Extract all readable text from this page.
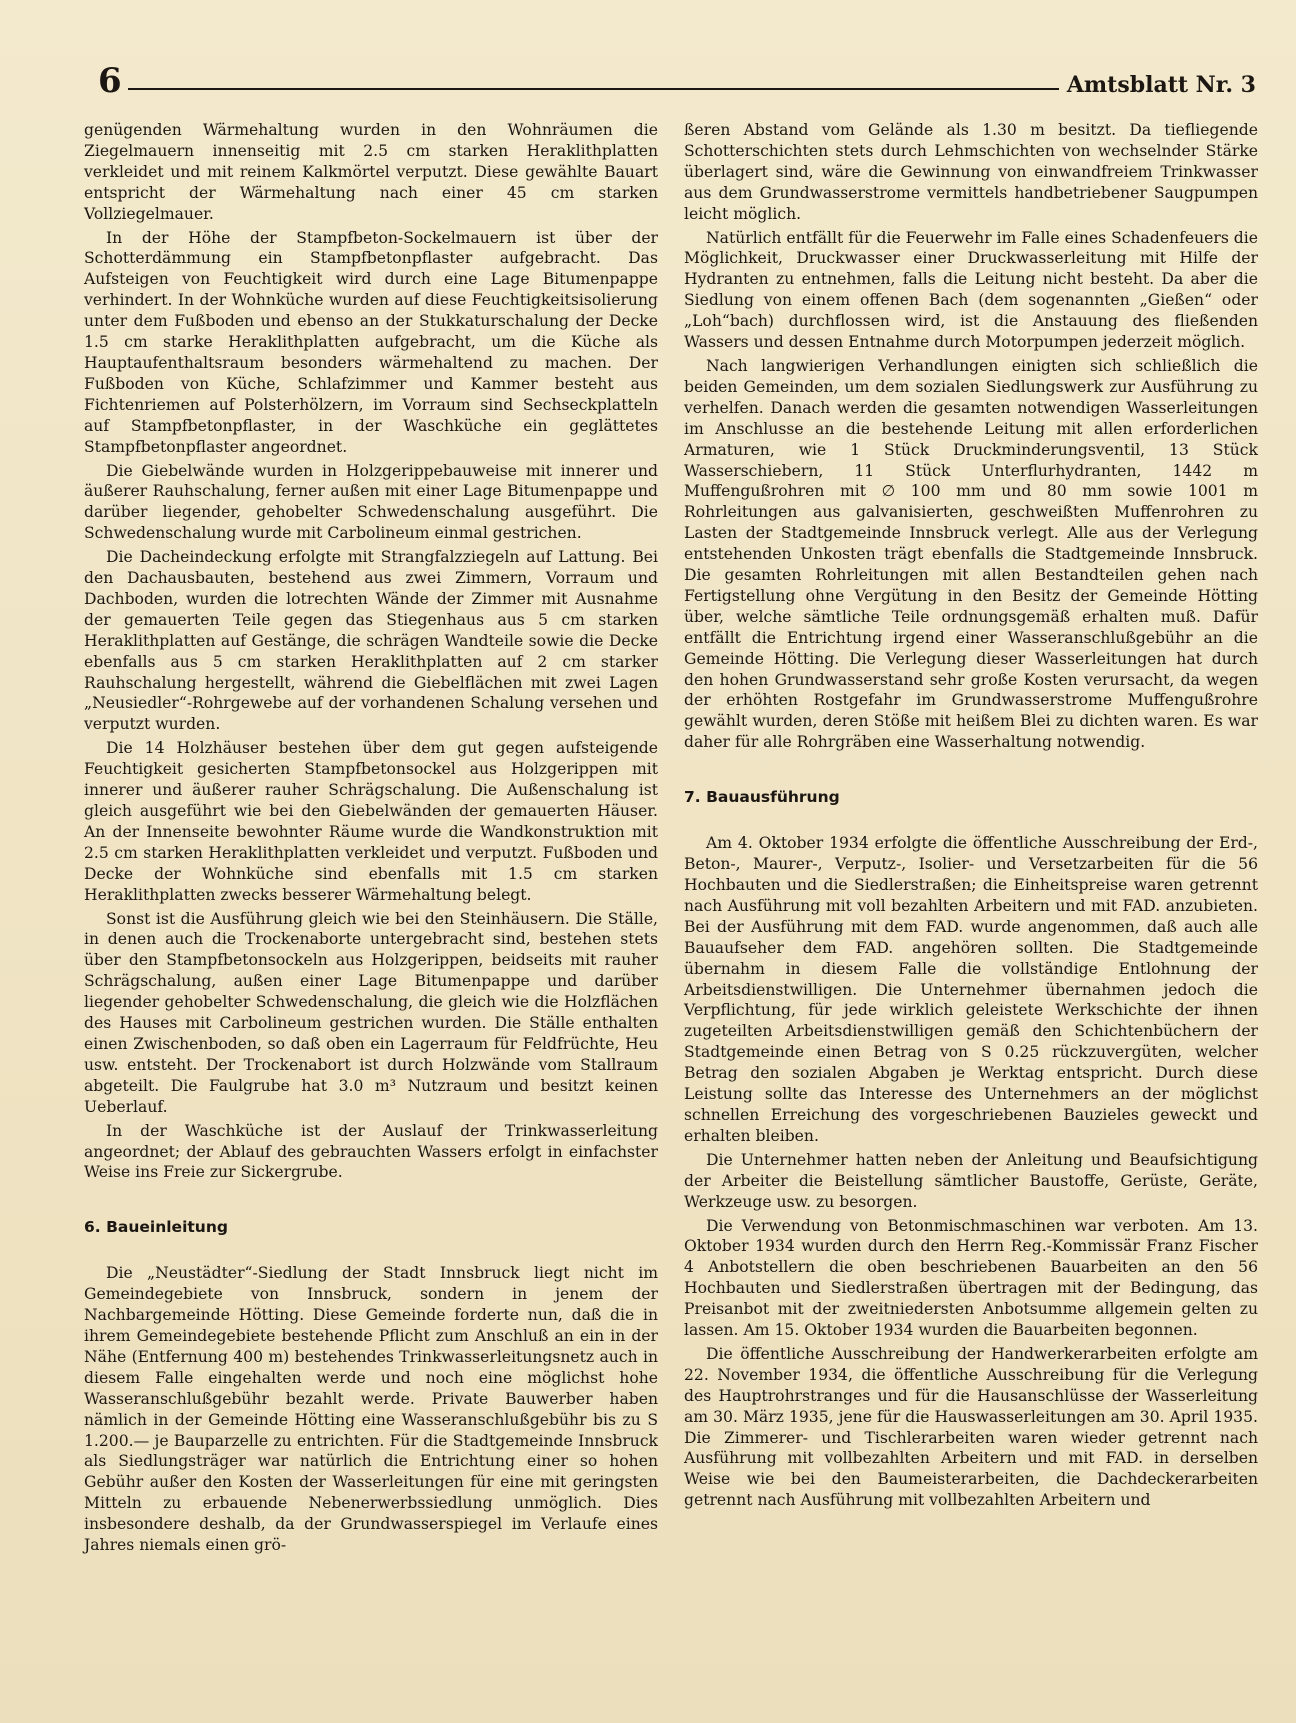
6	Amtsblatt Nr. 3

genügenden Wärmehaltung wurden in den Wohnräumen die Ziegelmauern innenseitig mit 2.5 cm starken Heraklithplatten verkleidet und mit reinem Kalkmörtel verputzt. Diese gewählte Bauart entspricht der Wärmehaltung nach einer 45 cm starken Vollziegelmauer.

In der Höhe der Stampfbeton-Sockelmauern ist über der Schotterdämmung ein Stampfbetonpflaster aufgebracht. Das Aufsteigen von Feuchtigkeit wird durch eine Lage Bitumenpappe verhindert. In der Wohnküche wurden auf diese Feuchtigkeitsisolierung unter dem Fußboden und ebenso an der Stukkaturschalung der Decke 1.5 cm starke Heraklithplatten aufgebracht, um die Küche als Hauptaufenthaltsraum besonders wärmehaltend zu machen. Der Fußboden von Küche, Schlafzimmer und Kammer besteht aus Fichtenriemen auf Polsterhölzern, im Vorraum sind Sechseckplatteln auf Stampfbetonpflaster, in der Waschküche ein geglättetes Stampfbetonpflaster angeordnet.

Die Giebelwände wurden in Holzgerippebauweise mit innerer und äußerer Rauhschalung, ferner außen mit einer Lage Bitumenpappe und darüber liegender, gehobelter Schwedenschalung ausgeführt. Die Schwedenschalung wurde mit Carbolineum einmal gestrichen.

Die Dacheindeckung erfolgte mit Strangfalzziegeln auf Lattung. Bei den Dachausbauten, bestehend aus zwei Zimmern, Vorraum und Dachboden, wurden die lotrechten Wände der Zimmer mit Ausnahme der gemauerten Teile gegen das Stiegenhaus aus 5 cm starken Heraklithplatten auf Gestänge, die schrägen Wandteile sowie die Decke ebenfalls aus 5 cm starken Heraklithplatten auf 2 cm starker Rauhschalung hergestellt, während die Giebelflächen mit zwei Lagen „Neusiedler“-Rohrgewebe auf der vorhandenen Schalung versehen und verputzt wurden.

Die 14 Holzhäuser bestehen über dem gut gegen aufsteigende Feuchtigkeit gesicherten Stampfbetonsockel aus Holzgerippen mit innerer und äußerer rauher Schrägschalung. Die Außenschalung ist gleich ausgeführt wie bei den Giebelwänden der gemauerten Häuser. An der Innenseite bewohnter Räume wurde die Wandkonstruktion mit 2.5 cm starken Heraklithplatten verkleidet und verputzt. Fußboden und Decke der Wohnküche sind ebenfalls mit 1.5 cm starken Heraklithplatten zwecks besserer Wärmehaltung belegt.

Sonst ist die Ausführung gleich wie bei den Steinhäusern. Die Ställe, in denen auch die Trockenaborte untergebracht sind, bestehen stets über den Stampfbetonsockeln aus Holzgerippen, beidseits mit rauher Schrägschalung, außen einer Lage Bitumenpappe und darüber liegender gehobelter Schwedenschalung, die gleich wie die Holzflächen des Hauses mit Carbolineum gestrichen wurden. Die Ställe enthalten einen Zwischenboden, so daß oben ein Lagerraum für Feldfrüchte, Heu usw. entsteht. Der Trockenabort ist durch Holzwände vom Stallraum abgeteilt. Die Faulgrube hat 3.0 m³ Nutzraum und besitzt keinen Ueberlauf.

In der Waschküche ist der Auslauf der Trinkwasserleitung angeordnet; der Ablauf des gebrauchten Wassers erfolgt in einfachster Weise ins Freie zur Sickergrube.

6. Baueinleitung

Die „Neustädter“-Siedlung der Stadt Innsbruck liegt nicht im Gemeindegebiete von Innsbruck, sondern in jenem der Nachbargemeinde Hötting. Diese Gemeinde forderte nun, daß die in ihrem Gemeindegebiete bestehende Pflicht zum Anschluß an ein in der Nähe (Entfernung 400 m) bestehendes Trinkwasserleitungsnetz auch in diesem Falle eingehalten werde und noch eine möglichst hohe Wasseranschlußgebühr bezahlt werde. Private Bauwerber haben nämlich in der Gemeinde Hötting eine Wasseranschlußgebühr bis zu S 1.200.— je Bauparzelle zu entrichten. Für die Stadtgemeinde Innsbruck als Siedlungsträger war natürlich die Entrichtung einer so hohen Gebühr außer den Kosten der Wasserleitungen für eine mit geringsten Mitteln zu erbauende Nebenerwerbssiedlung unmöglich. Dies insbesondere deshalb, da der Grundwasserspiegel im Verlaufe eines Jahres niemals einen grö-

ßeren Abstand vom Gelände als 1.30 m besitzt. Da tiefliegende Schotterschichten stets durch Lehmschichten von wechselnder Stärke überlagert sind, wäre die Gewinnung von einwandfreiem Trinkwasser aus dem Grundwasserstrome vermittels handbetriebener Saugpumpen leicht möglich.

Natürlich entfällt für die Feuerwehr im Falle eines Schadenfeuers die Möglichkeit, Druckwasser einer Druckwasserleitung mit Hilfe der Hydranten zu entnehmen, falls die Leitung nicht besteht. Da aber die Siedlung von einem offenen Bach (dem sogenannten „Gießen“ oder „Loh“bach) durchflossen wird, ist die Anstauung des fließenden Wassers und dessen Entnahme durch Motorpumpen jederzeit möglich.

Nach langwierigen Verhandlungen einigten sich schließlich die beiden Gemeinden, um dem sozialen Siedlungswerk zur Ausführung zu verhelfen. Danach werden die gesamten notwendigen Wasserleitungen im Anschlusse an die bestehende Leitung mit allen erforderlichen Armaturen, wie 1 Stück Druckminderungsventil, 13 Stück Wasserschiebern, 11 Stück Unterflurhydranten, 1442 m Muffengußrohren mit ∅ 100 mm und 80 mm sowie 1001 m Rohrleitungen aus galvanisierten, geschweißten Muffenrohren zu Lasten der Stadtgemeinde Innsbruck verlegt. Alle aus der Verlegung entstehenden Unkosten trägt ebenfalls die Stadtgemeinde Innsbruck. Die gesamten Rohrleitungen mit allen Bestandteilen gehen nach Fertigstellung ohne Vergütung in den Besitz der Gemeinde Hötting über, welche sämtliche Teile ordnungsgemäß erhalten muß. Dafür entfällt die Entrichtung irgend einer Wasseranschlußgebühr an die Gemeinde Hötting. Die Verlegung dieser Wasserleitungen hat durch den hohen Grundwasserstand sehr große Kosten verursacht, da wegen der erhöhten Rostgefahr im Grundwasserstrome Muffengußrohre gewählt wurden, deren Stöße mit heißem Blei zu dichten waren. Es war daher für alle Rohrgräben eine Wasserhaltung notwendig.

7. Bauausführung

Am 4. Oktober 1934 erfolgte die öffentliche Ausschreibung der Erd-, Beton-, Maurer-, Verputz-, Isolier- und Versetzarbeiten für die 56 Hochbauten und die Siedlerstraßen; die Einheitspreise waren getrennt nach Ausführung mit voll bezahlten Arbeitern und mit FAD. anzubieten. Bei der Ausführung mit dem FAD. wurde angenommen, daß auch alle Bauaufseher dem FAD. angehören sollten. Die Stadtgemeinde übernahm in diesem Falle die vollständige Entlohnung der Arbeitsdienstwilligen. Die Unternehmer übernahmen jedoch die Verpflichtung, für jede wirklich geleistete Werkschichte der ihnen zugeteilten Arbeitsdienstwilligen gemäß den Schichtenbüchern der Stadtgemeinde einen Betrag von S 0.25 rückzuvergüten, welcher Betrag den sozialen Abgaben je Werktag entspricht. Durch diese Leistung sollte das Interesse des Unternehmers an der möglichst schnellen Erreichung des vorgeschriebenen Bauzieles geweckt und erhalten bleiben.

Die Unternehmer hatten neben der Anleitung und Beaufsichtigung der Arbeiter die Beistellung sämtlicher Baustoffe, Gerüste, Geräte, Werkzeuge usw. zu besorgen.

Die Verwendung von Betonmischmaschinen war verboten. Am 13. Oktober 1934 wurden durch den Herrn Reg.-Kommissär Franz Fischer 4 Anbotstellern die oben beschriebenen Bauarbeiten an den 56 Hochbauten und Siedlerstraßen übertragen mit der Bedingung, das Preisanbot mit der zweitniedersten Anbotsumme allgemein gelten zu lassen. Am 15. Oktober 1934 wurden die Bauarbeiten begonnen.

Die öffentliche Ausschreibung der Handwerkerarbeiten erfolgte am 22. November 1934, die öffentliche Ausschreibung für die Verlegung des Hauptrohrstranges und für die Hausanschlüsse der Wasserleitung am 30. März 1935, jene für die Hauswasserleitungen am 30. April 1935. Die Zimmerer- und Tischlerarbeiten waren wieder getrennt nach Ausführung mit vollbezahlten Arbeitern und mit FAD. in derselben Weise wie bei den Baumeisterarbeiten, die Dachdeckerarbeiten getrennt nach Ausführung mit vollbezahlten Arbeitern und
